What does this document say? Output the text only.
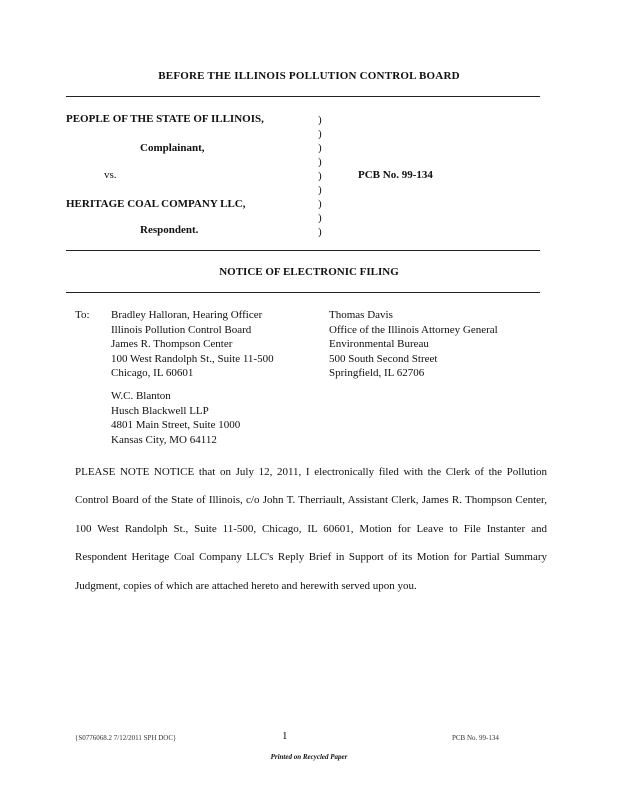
BEFORE THE ILLINOIS POLLUTION CONTROL BOARD
PEOPLE OF THE STATE OF ILLINOIS,
Complainant,
vs.
HERITAGE COAL COMPANY LLC,
Respondent.
PCB No. 99-134
)
)
)
)
)
)
)
)
)
NOTICE OF ELECTRONIC FILING
To: Bradley Halloran, Hearing Officer
Illinois Pollution Control Board
James R. Thompson Center
100 West Randolph St., Suite 11-500
Chicago, IL 60601
Thomas Davis
Office of the Illinois Attorney General
Environmental Bureau
500 South Second Street
Springfield, IL 62706
W.C. Blanton
Husch Blackwell LLP
4801 Main Street, Suite 1000
Kansas City, MO 64112
PLEASE NOTE NOTICE that on July 12, 2011, I electronically filed with the Clerk of the Pollution Control Board of the State of Illinois, c/o John T. Therriault, Assistant Clerk, James R. Thompson Center, 100 West Randolph St., Suite 11-500, Chicago, IL 60601, Motion for Leave to File Instanter and Respondent Heritage Coal Company LLC's Reply Brief in Support of its Motion for Partial Summary Judgment, copies of which are attached hereto and herewith served upon you.
{S0776068.2 7/12/2011 SPH DOC}	1	PCB No. 99-134
Printed on Recycled Paper
